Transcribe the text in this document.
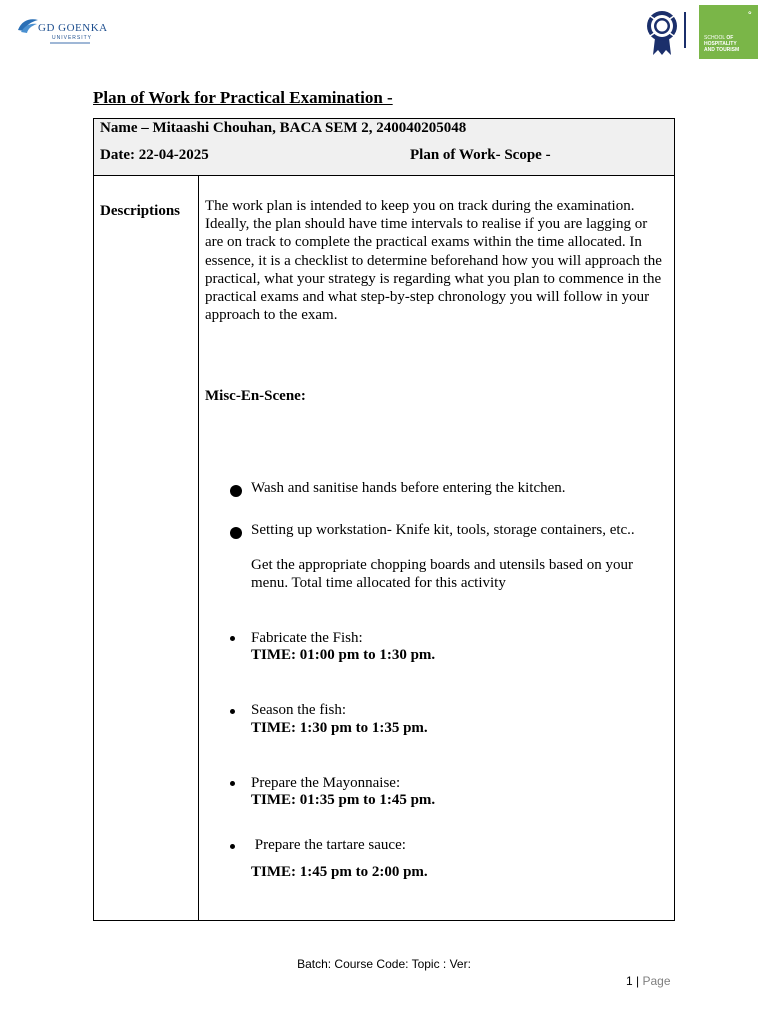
GD GOENKA
UNIVERSITY
✿
SCHOOL OF
HOSPITALITY
AND TOURISM
Plan of Work for Practical Examination -
Name – Mitaashi Chouhan, BACA SEM 2, 240040205048
Date: 22-04-2025	Plan of Work- Scope -
Descriptions The work plan is intended to keep you on track during the examination. Ideally, the plan should have time intervals to realise if you are lagging or are on track to complete the practical exams within the time allocated. In essence, it is a checklist to determine beforehand how you will approach the practical, what your strategy is regarding what you plan to commence in the practical exams and what step-by-step chronology you will follow in your approach to the exam.
Misc-En-Scene:
Wash and sanitise hands before entering the kitchen.
Setting up workstation- Knife kit, tools, storage containers, etc..
Get the appropriate chopping boards and utensils based on your menu. Total time allocated for this activity
Fabricate the Fish:
TIME: 01:00 pm to 1:30 pm.
Season the fish:
TIME: 1:30 pm to 1:35 pm.
Prepare the Mayonnaise:
TIME: 01:35 pm to 1:45 pm.
Prepare the tartare sauce:
TIME: 1:45 pm to 2:00 pm.
Batch: Course Code: Topic : Ver:
1 | Page
